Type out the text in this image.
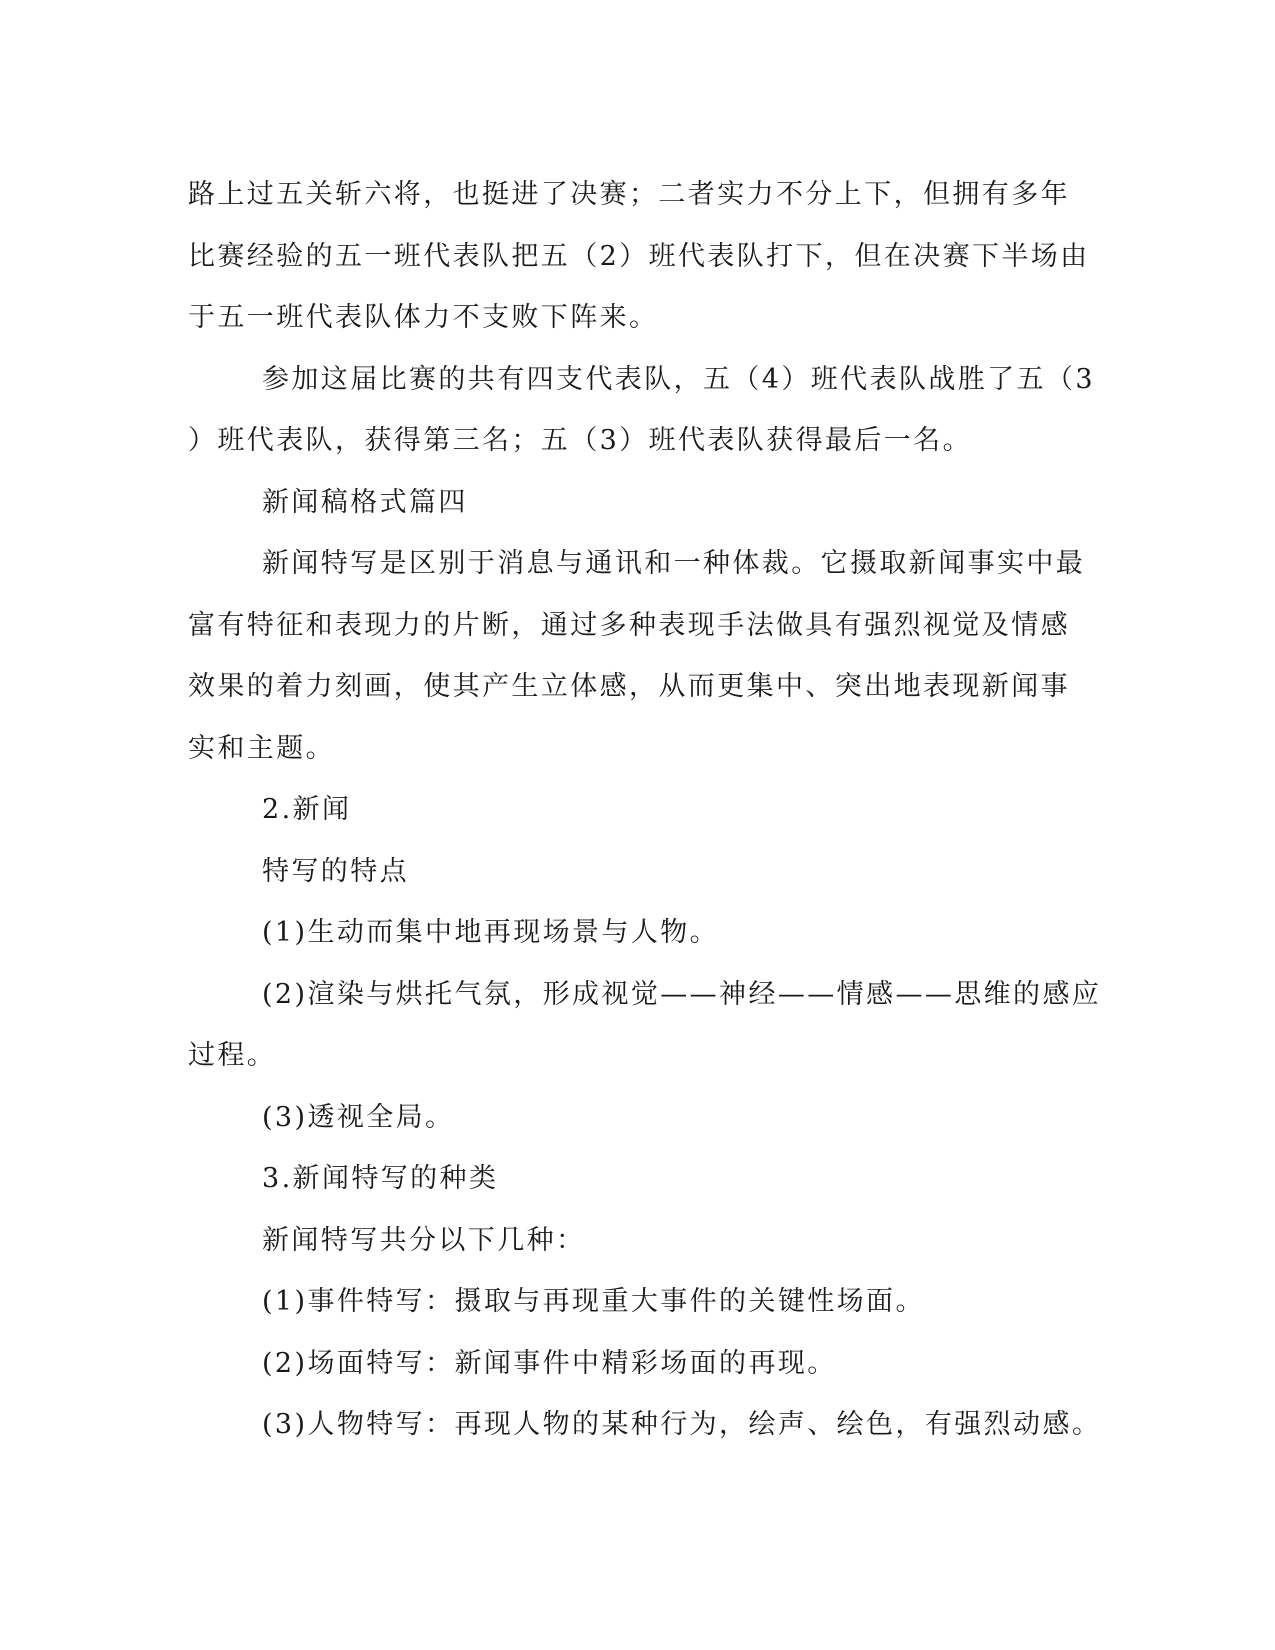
路上过五关斩六将，也挺进了决赛；二者实力不分上下，但拥有多年
比赛经验的五一班代表队把五（2）班代表队打下，但在决赛下半场由
于五一班代表队体力不支败下阵来。
参加这届比赛的共有四支代表队，五（4）班代表队战胜了五（3
）班代表队，获得第三名；五（3）班代表队获得最后一名。
新闻稿格式篇四
新闻特写是区别于消息与通讯和一种体裁。它摄取新闻事实中最
富有特征和表现力的片断，通过多种表现手法做具有强烈视觉及情感
效果的着力刻画，使其产生立体感，从而更集中、突出地表现新闻事
实和主题。
2.新闻
特写的特点
(1)生动而集中地再现场景与人物。
(2)渲染与烘托气氛，形成视觉——神经——情感——思维的感应
过程。
(3)透视全局。
3.新闻特写的种类
新闻特写共分以下几种：
(1)事件特写：摄取与再现重大事件的关键性场面。
(2)场面特写：新闻事件中精彩场面的再现。
(3)人物特写：再现人物的某种行为，绘声、绘色，有强烈动感。
